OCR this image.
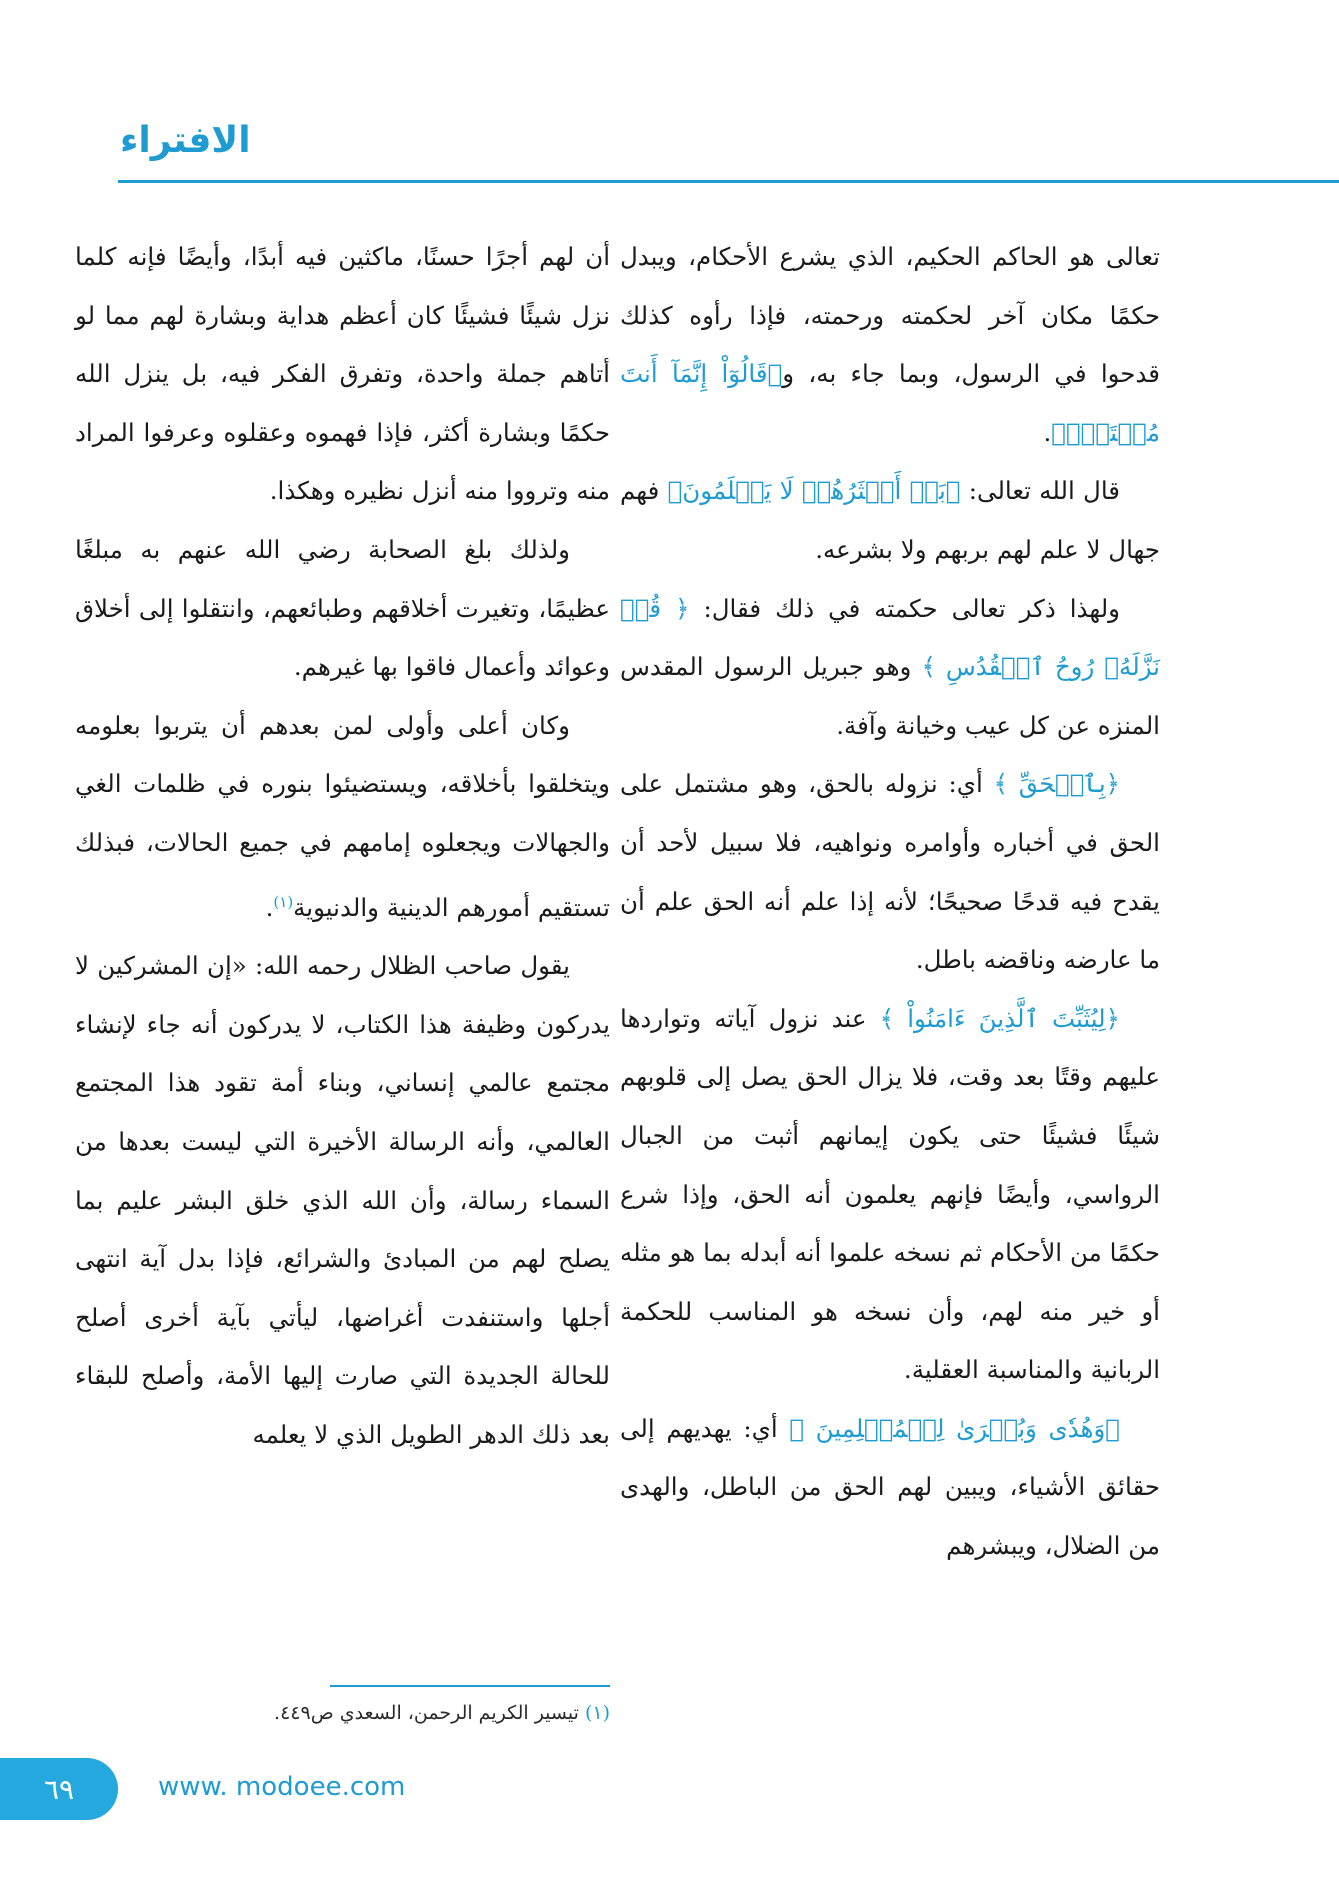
الافتراء

تعالى هو الحاكم الحكيم، الذي يشرع الأحكام، ويبدل حكمًا مكان آخر لحكمته ورحمته، فإذا رأوه كذلك قدحوا في الرسول، وبما جاء به، و﴿قَالُوٓاْ إِنَّمَآ أَنتَ مُفۡتَرِۢ﴾.

قال الله تعالى: ﴿بَلۡ أَكۡثَرُهُمۡ لَا يَعۡلَمُونَ﴾ فهم جهال لا علم لهم بربهم ولا بشرعه.

ولهذا ذكر تعالى حكمته في ذلك فقال: ﴿ قُلۡ نَزَّلَهُۥ رُوحُ ٱلۡقُدُسِ ﴾ وهو جبريل الرسول المقدس المنزه عن كل عيب وخيانة وآفة.

﴿بِٱلۡحَقِّ ﴾ أي: نزوله بالحق، وهو مشتمل على الحق في أخباره وأوامره ونواهيه، فلا سبيل لأحد أن يقدح فيه قدحًا صحيحًا؛ لأنه إذا علم أنه الحق علم أن ما عارضه وناقضه باطل.

﴿لِيُثَبِّتَ ٱلَّذِينَ ءَامَنُواْ ﴾ عند نزول آياته وتواردها عليهم وقتًا بعد وقت، فلا يزال الحق يصل إلى قلوبهم شيئًا فشيئًا حتى يكون إيمانهم أثبت من الجبال الرواسي، وأيضًا فإنهم يعلمون أنه الحق، وإذا شرع حكمًا من الأحكام ثم نسخه علموا أنه أبدله بما هو مثله أو خير منه لهم، وأن نسخه هو المناسب للحكمة الربانية والمناسبة العقلية.

﴿وَهُدٗى وَبُشۡرَىٰ لِلۡمُسۡلِمِينَ ﴾ أي: يهديهم إلى حقائق الأشياء، ويبين لهم الحق من الباطل، والهدى من الضلال، ويبشرهم

أن لهم أجرًا حسنًا، ماكثين فيه أبدًا، وأيضًا فإنه كلما نزل شيئًا فشيئًا كان أعظم هداية وبشارة لهم مما لو أتاهم جملة واحدة، وتفرق الفكر فيه، بل ينزل الله حكمًا وبشارة أكثر، فإذا فهموه وعقلوه وعرفوا المراد منه وترووا منه أنزل نظيره وهكذا.

ولذلك بلغ الصحابة رضي الله عنهم به مبلغًا عظيمًا، وتغيرت أخلاقهم وطبائعهم، وانتقلوا إلى أخلاق وعوائد وأعمال فاقوا بها غيرهم.

وكان أعلى وأولى لمن بعدهم أن يتربوا بعلومه ويتخلقوا بأخلاقه، ويستضيئوا بنوره في ظلمات الغي والجهالات ويجعلوه إمامهم في جميع الحالات، فبذلك تستقيم أمورهم الدينية والدنيوية$^{(١)}$.

يقول صاحب الظلال رحمه الله: «إن المشركين لا يدركون وظيفة هذا الكتاب، لا يدركون أنه جاء لإنشاء مجتمع عالمي إنساني، وبناء أمة تقود هذا المجتمع العالمي، وأنه الرسالة الأخيرة التي ليست بعدها من السماء رسالة، وأن الله الذي خلق البشر عليم بما يصلح لهم من المبادئ والشرائع، فإذا بدل آية انتهى أجلها واستنفدت أغراضها، ليأتي بآية أخرى أصلح للحالة الجديدة التي صارت إليها الأمة، وأصلح للبقاء بعد ذلك الدهر الطويل الذي لا يعلمه

(١) تيسير الكريم الرحمن، السعدي ص٤٤٩.
٦٩	www. modoee.com
